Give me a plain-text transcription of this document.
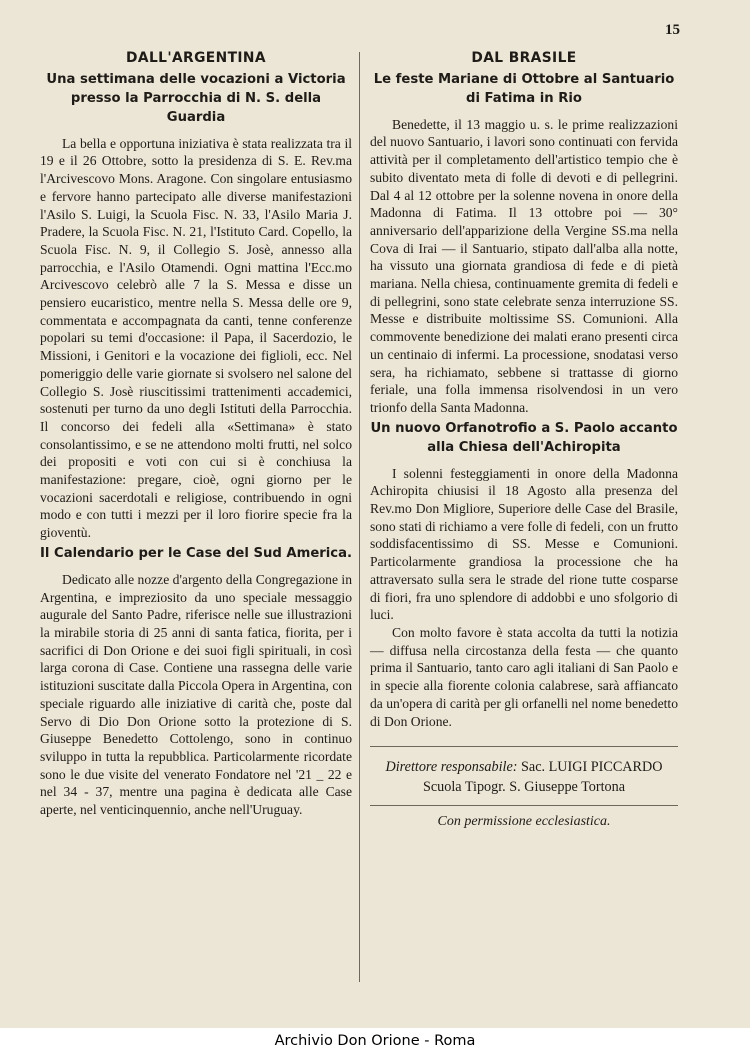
15
DALL'ARGENTINA
Una settimana delle vocazioni a Victoria presso la Parrocchia di N. S. della Guardia

La bella e opportuna iniziativa è stata realizzata tra il 19 e il 26 Ottobre, sotto la presidenza di S. E. Rev.ma l'Arcivescovo Mons. Aragone. Con singolare entusiasmo e fervore hanno partecipato alle diverse manifestazioni l'Asilo S. Luigi, la Scuola Fisc. N. 33, l'Asilo Maria J. Pradere, la Scuola Fisc. N. 21, l'Istituto Card. Copello, la Scuola Fisc. N. 9, il Collegio S. Josè, annesso alla parrocchia, e l'Asilo Otamendi. Ogni mattina l'Ecc.mo Arcivescovo celebrò alle 7 la S. Messa e disse un pensiero eucaristico, mentre nella S. Messa delle ore 9, commentata e accompagnata da canti, tenne conferenze popolari su temi d'occasione: il Papa, il Sacerdozio, le Missioni, i Genitori e la vocazione dei figlioli, ecc. Nel pomeriggio delle varie giornate si svolsero nel salone del Collegio S. Josè riuscitissimi trattenimenti accademici, sostenuti per turno da uno degli Istituti della Parrocchia. Il concorso dei fedeli alla «Settimana» è stato consolantissimo, e se ne attendono molti frutti, nel solco dei propositi e voti con cui si è conchiusa la manifestazione: pregare, cioè, ogni giorno per le vocazioni sacerdotali e religiose, contribuendo in ogni modo e con tutti i mezzi per il loro fiorire specie fra la gioventù.

Il Calendario per le Case del Sud America.

Dedicato alle nozze d'argento della Congregazione in Argentina, e impreziosito da uno speciale messaggio augurale del Santo Padre, riferisce nelle sue illustrazioni la mirabile storia di 25 anni di santa fatica, fiorita, per i sacrifici di Don Orione e dei suoi figli spirituali, in così larga corona di Case. Contiene una rassegna delle varie istituzioni suscitate dalla Piccola Opera in Argentina, con speciale riguardo alle iniziative di carità che, poste dal Servo di Dio Don Orione sotto la protezione di S. Giuseppe Benedetto Cottolengo, sono in continuo sviluppo in tutta la repubblica. Particolarmente ricordate sono le due visite del venerato Fondatore nel '21 _ 22 e nel 34 - 37, mentre una pagina è dedicata alle Case aperte, nel venticinquennio, anche nell'Uruguay.

DAL BRASILE
Le feste Mariane di Ottobre al Santuario di Fatima in Rio

Benedette, il 13 maggio u. s. le prime realizzazioni del nuovo Santuario, i lavori sono continuati con fervida attività per il completamento dell'artistico tempio che è subito diventato meta di folle di devoti e di pellegrini. Dal 4 al 12 ottobre per la solenne novena in onore della Madonna di Fatima. Il 13 ottobre poi — 30° anniversario dell'apparizione della Vergine SS.ma nella Cova di Irai — il Santuario, stipato dall'alba alla notte, ha vissuto una giornata grandiosa di fede e di pietà mariana. Nella chiesa, continuamente gremita di fedeli e di pellegrini, sono state celebrate senza interruzione SS. Messe e distribuite moltissime SS. Comunioni. Alla commovente benedizione dei malati erano presenti circa un centinaio di infermi. La processione, snodatasi verso sera, ha richiamato, sebbene si trattasse di giorno feriale, una folla immensa risolvendosi in un vero trionfo della Santa Madonna.

Un nuovo Orfanotrofio a S. Paolo accanto alla Chiesa dell'Achiropita

I solenni festeggiamenti in onore della Madonna Achiropita chiusisi il 18 Agosto alla presenza del Rev.mo Don Migliore, Superiore delle Case del Brasile, sono stati di richiamo a vere folle di fedeli, con un frutto soddisfacentissimo di SS. Messe e Comunioni. Particolarmente grandiosa la processione che ha attraversato sulla sera le strade del rione tutte cosparse di fiori, fra uno splendore di addobbi e uno sfolgorio di luci.

Con molto favore è stata accolta da tutti la notizia — diffusa nella circostanza della festa — che quanto prima il Santuario, tanto caro agli italiani di San Paolo e in specie alla fiorente colonia calabrese, sarà affiancato da un'opera di carità per gli orfanelli nel nome benedetto di Don Orione.

Direttore responsabile: Sac. LUIGI PICCARDO
Scuola Tipogr. S. Giuseppe Tortona
Con permissione ecclesiastica.
Archivio Don Orione - Roma
